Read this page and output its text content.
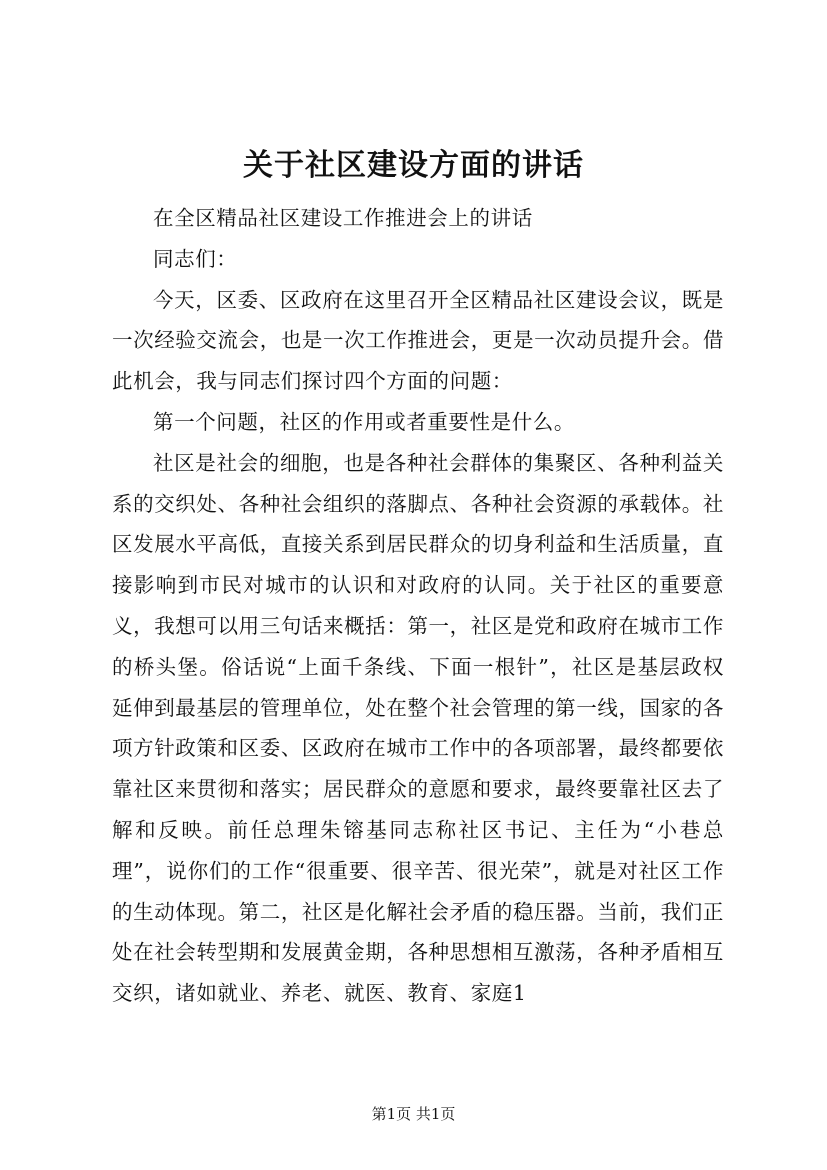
关于社区建设方面的讲话

在全区精品社区建设工作推进会上的讲话

同志们：

今天，区委、区政府在这里召开全区精品社区建设会议，既是一次经验交流会，也是一次工作推进会，更是一次动员提升会。借此机会，我与同志们探讨四个方面的问题：

第一个问题，社区的作用或者重要性是什么。

社区是社会的细胞，也是各种社会群体的集聚区、各种利益关系的交织处、各种社会组织的落脚点、各种社会资源的承载体。社区发展水平高低，直接关系到居民群众的切身利益和生活质量，直接影响到市民对城市的认识和对政府的认同。关于社区的重要意义，我想可以用三句话来概括：第一，社区是党和政府在城市工作的桥头堡。俗话说“上面千条线、下面一根针”，社区是基层政权延伸到最基层的管理单位，处在整个社会管理的第一线，国家的各项方针政策和区委、区政府在城市工作中的各项部署，最终都要依靠社区来贯彻和落实；居民群众的意愿和要求，最终要靠社区去了解和反映。前任总理朱镕基同志称社区书记、主任为“小巷总理”，说你们的工作“很重要、很辛苦、很光荣”，就是对社区工作的生动体现。第二，社区是化解社会矛盾的稳压器。当前，我们正处在社会转型期和发展黄金期，各种思想相互激荡，各种矛盾相互交织，诸如就业、养老、就医、教育、家庭1

第1页 共1页
